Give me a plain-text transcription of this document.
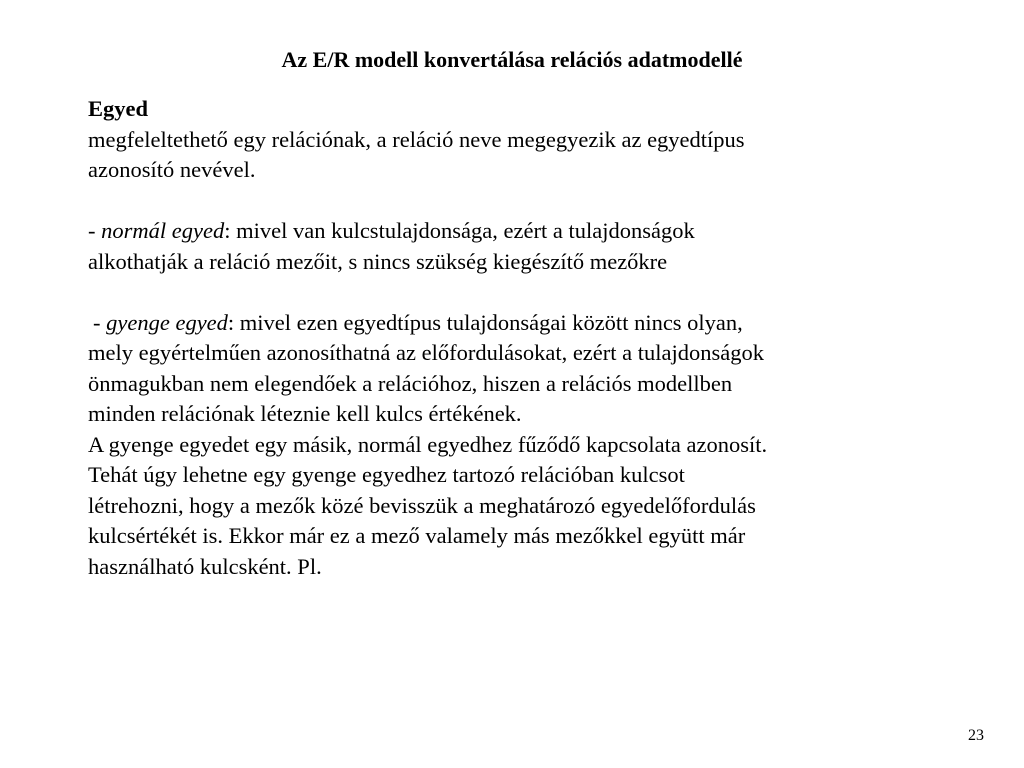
Az E/R modell konvertálása relációs adatmodellé

Egyed

megfeleltethető egy relációnak, a reláció neve megegyezik az egyedtípus

azonosító nevével.

- normál egyed: mivel van kulcstulajdonsága, ezért a tulajdonságok

alkothatják a reláció mezőit, s nincs szükség kiegészítő mezőkre

- gyenge egyed: mivel ezen egyedtípus tulajdonságai között nincs olyan,

mely egyértelműen azonosíthatná az előfordulásokat, ezért a tulajdonságok

önmagukban nem elegendőek a relációhoz, hiszen a relációs modellben

minden relációnak léteznie kell kulcs értékének.

A gyenge egyedet egy másik, normál egyedhez fűződő kapcsolata azonosít.

Tehát úgy lehetne egy gyenge egyedhez tartozó relációban kulcsot

létrehozni, hogy a mezők közé bevisszük a meghatározó egyedelőfordulás

kulcsértékét is. Ekkor már ez a mező valamely más mezőkkel együtt már

használható kulcsként. Pl.

23
